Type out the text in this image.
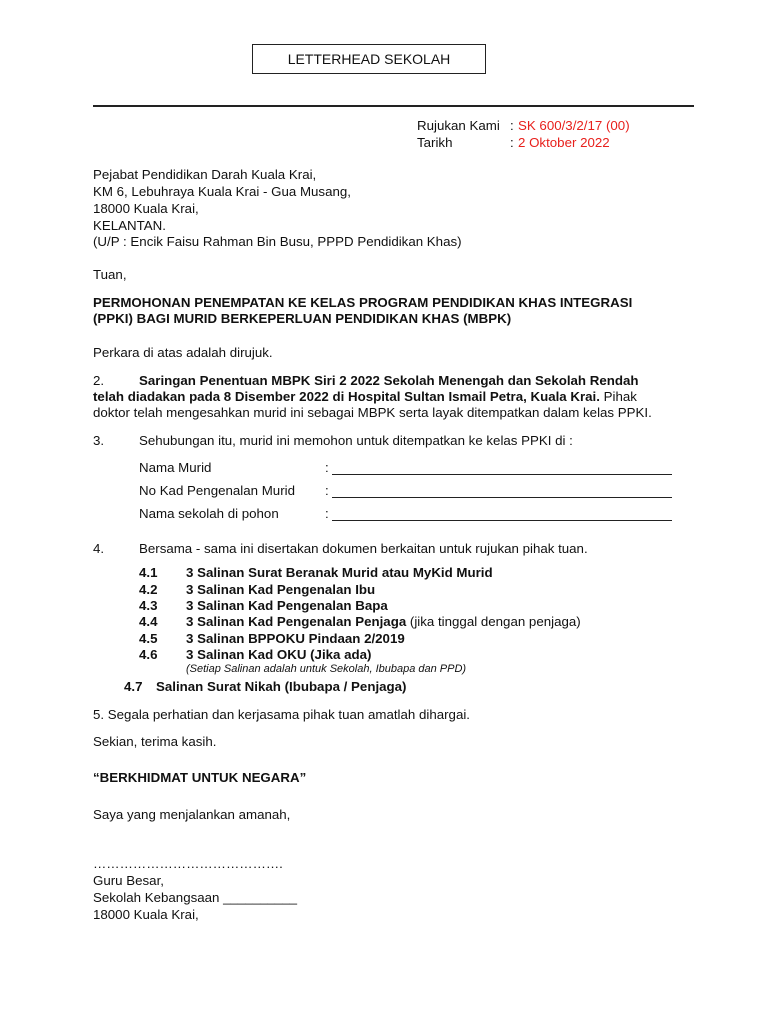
LETTERHEAD SEKOLAH
Rujukan Kami : SK 600/3/2/17 (00)
Tarikh	: 2 Oktober 2022
Pejabat Pendidikan Darah Kuala Krai,
KM 6, Lebuhraya Kuala Krai - Gua Musang,
18000 Kuala Krai,
KELANTAN.
(U/P : Encik Faisu Rahman Bin Busu, PPPD Pendidikan Khas)
Tuan,
PERMOHONAN PENEMPATAN KE KELAS PROGRAM PENDIDIKAN KHAS INTEGRASI
(PPKI) BAGI MURID BERKEPERLUAN PENDIDIKAN KHAS (MBPK)
Perkara di atas adalah dirujuk.
2.	Saringan Penentuan MBPK Siri 2 2022 Sekolah Menengah dan Sekolah Rendah
telah diadakan pada 8 Disember 2022 di Hospital Sultan Ismail Petra, Kuala Krai. Pihak
doktor telah mengesahkan murid ini sebagai MBPK serta layak ditempatkan dalam kelas PPKI.
3.	Sehubungan itu, murid ini memohon untuk ditempatkan ke kelas PPKI di :
Nama Murid	:
No Kad Pengenalan Murid :
Nama sekolah di pohon	:
4.	Bersama - sama ini disertakan dokumen berkaitan untuk rujukan pihak tuan.
4.1 3 Salinan Surat Beranak Murid atau MyKid Murid
4.2 3 Salinan Kad Pengenalan Ibu
4.3 3 Salinan Kad Pengenalan Bapa
4.4 3 Salinan Kad Pengenalan Penjaga (jika tinggal dengan penjaga)
4.5 3 Salinan BPPOKU Pindaan 2/2019
4.6 3 Salinan Kad OKU (Jika ada)
(Setiap Salinan adalah untuk Sekolah, Ibubapa dan PPD)
4.7 Salinan Surat Nikah (Ibubapa / Penjaga)
5. Segala perhatian dan kerjasama pihak tuan amatlah dihargai.
Sekian, terima kasih.
“BERKHIDMAT UNTUK NEGARA”
Saya yang menjalankan amanah,
…………………………………….
Guru Besar,
Sekolah Kebangsaan __________
18000 Kuala Krai,
